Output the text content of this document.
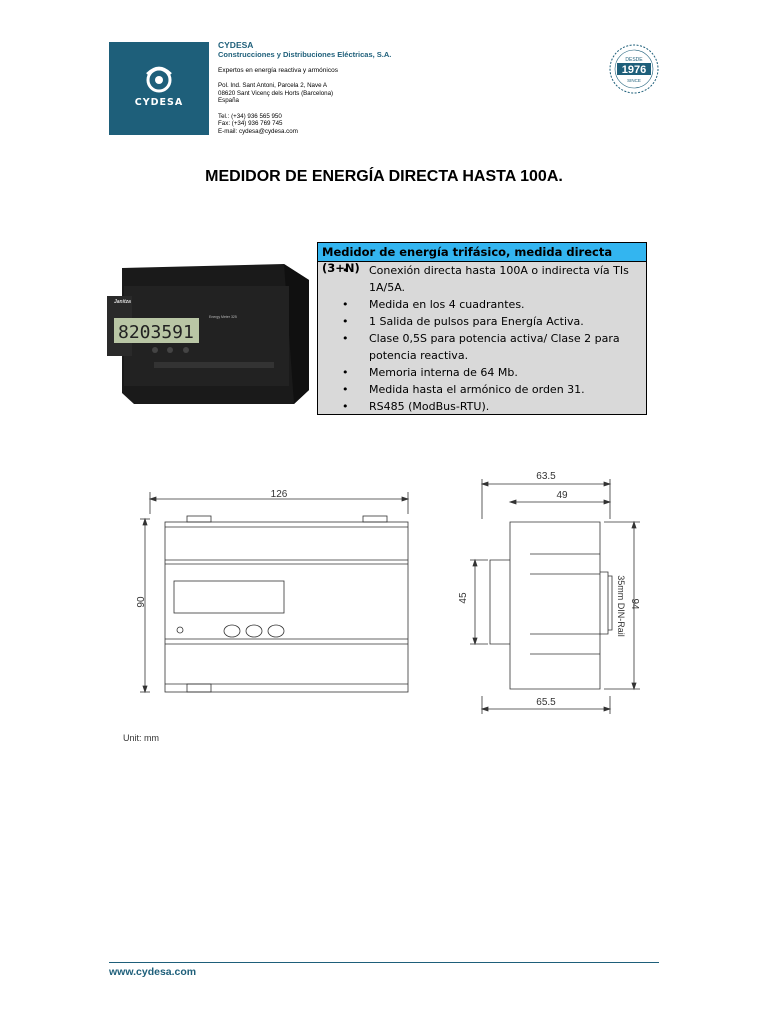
CYDESA
CYDESA
Construcciones y Distribuciones Eléctricas, S.A.
Expertos en energía reactiva y armónicos
Pol. Ind. Sant Antoni, Parcela 2, Nave A
08620 Sant Vicenç dels Horts (Barcelona)
España
Tel.: (+34) 936 565 950
Fax: (+34) 936 769 745
E-mail: cydesa@cydesa.com
DESDE
1976
SINCE
MEDIDOR DE ENERGÍA DIRECTA HASTA 100A.
Janitza
Energy Meter 325
8203591
Medidor de energía trifásico, medida directa (3+N)
• Conexión directa hasta 100A o indirecta vía TIs 1A/5A.
• Medida en los 4 cuadrantes.
• 1 Salida de pulsos para Energía Activa.
• Clase 0,5S para potencia activa/ Clase 2 para potencia reactiva.
• Memoria interna de 64 Mb.
• Medida hasta el armónico de orden 31.
• RS485 (ModBus-RTU).
126
90
63.5
49
45
94
35mm DIN-Rail
65.5
Unit: mm
www.cydesa.com
